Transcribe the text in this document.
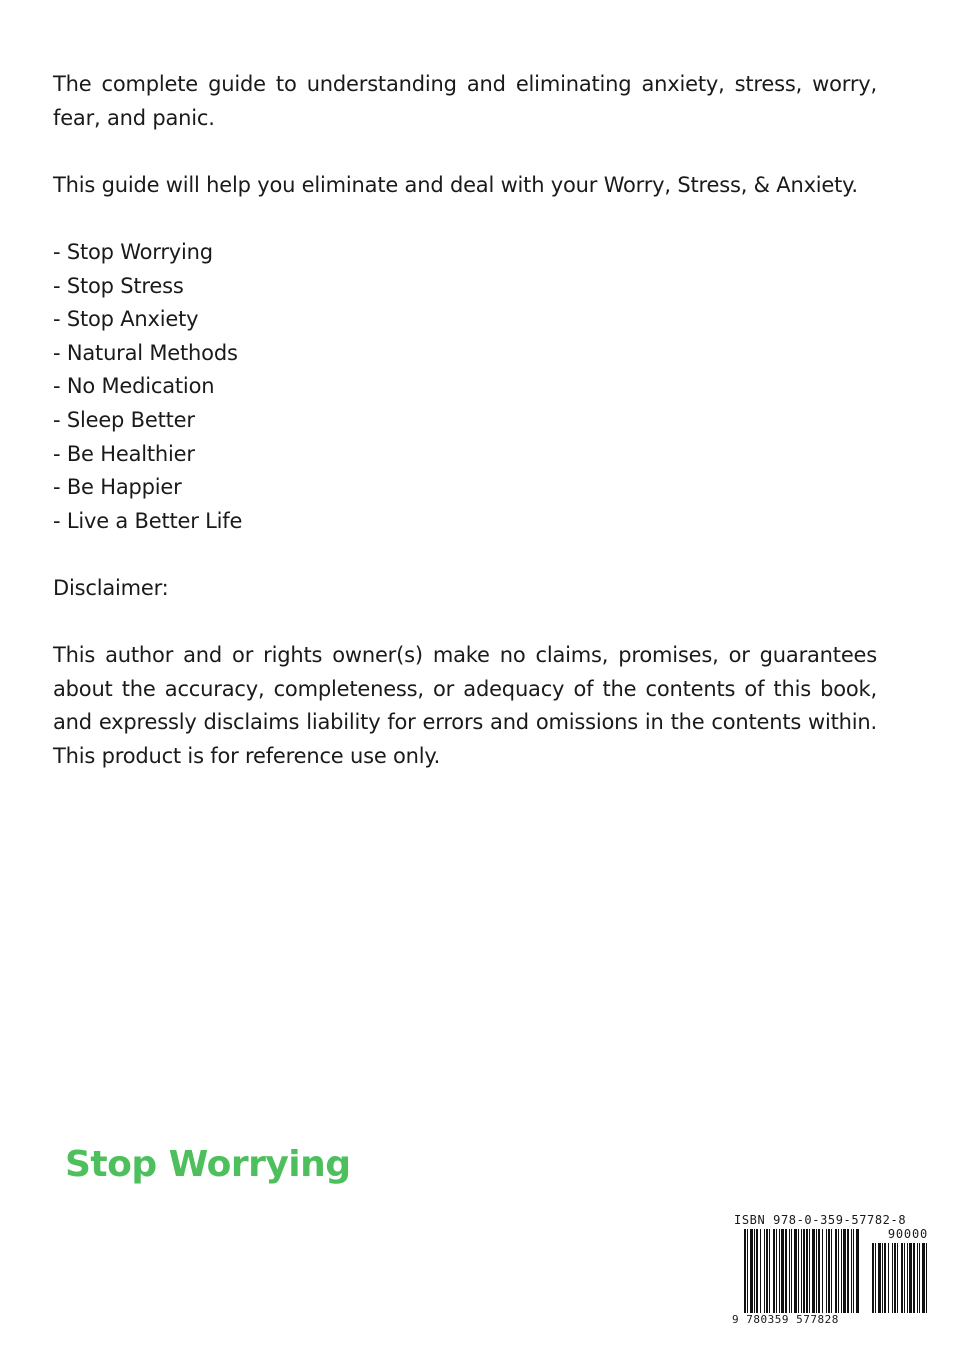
The complete guide to understanding and eliminating anxiety, stress, worry, fear, and panic.

This guide will help you eliminate and deal with your Worry, Stress, & Anxiety.

- Stop Worrying
- Stop Stress
- Stop Anxiety
- Natural Methods
- No Medication
- Sleep Better
- Be Healthier
- Be Happier
- Live a Better Life

Disclaimer:

This author and or rights owner(s) make no claims, promises, or guarantees about the accuracy, completeness, or adequacy of the contents of this book, and expressly disclaims liability for errors and omissions in the contents within. This product is for reference use only.

Stop Worrying
ISBN 978-0-359-57782-8
90000
9 780359 577828
